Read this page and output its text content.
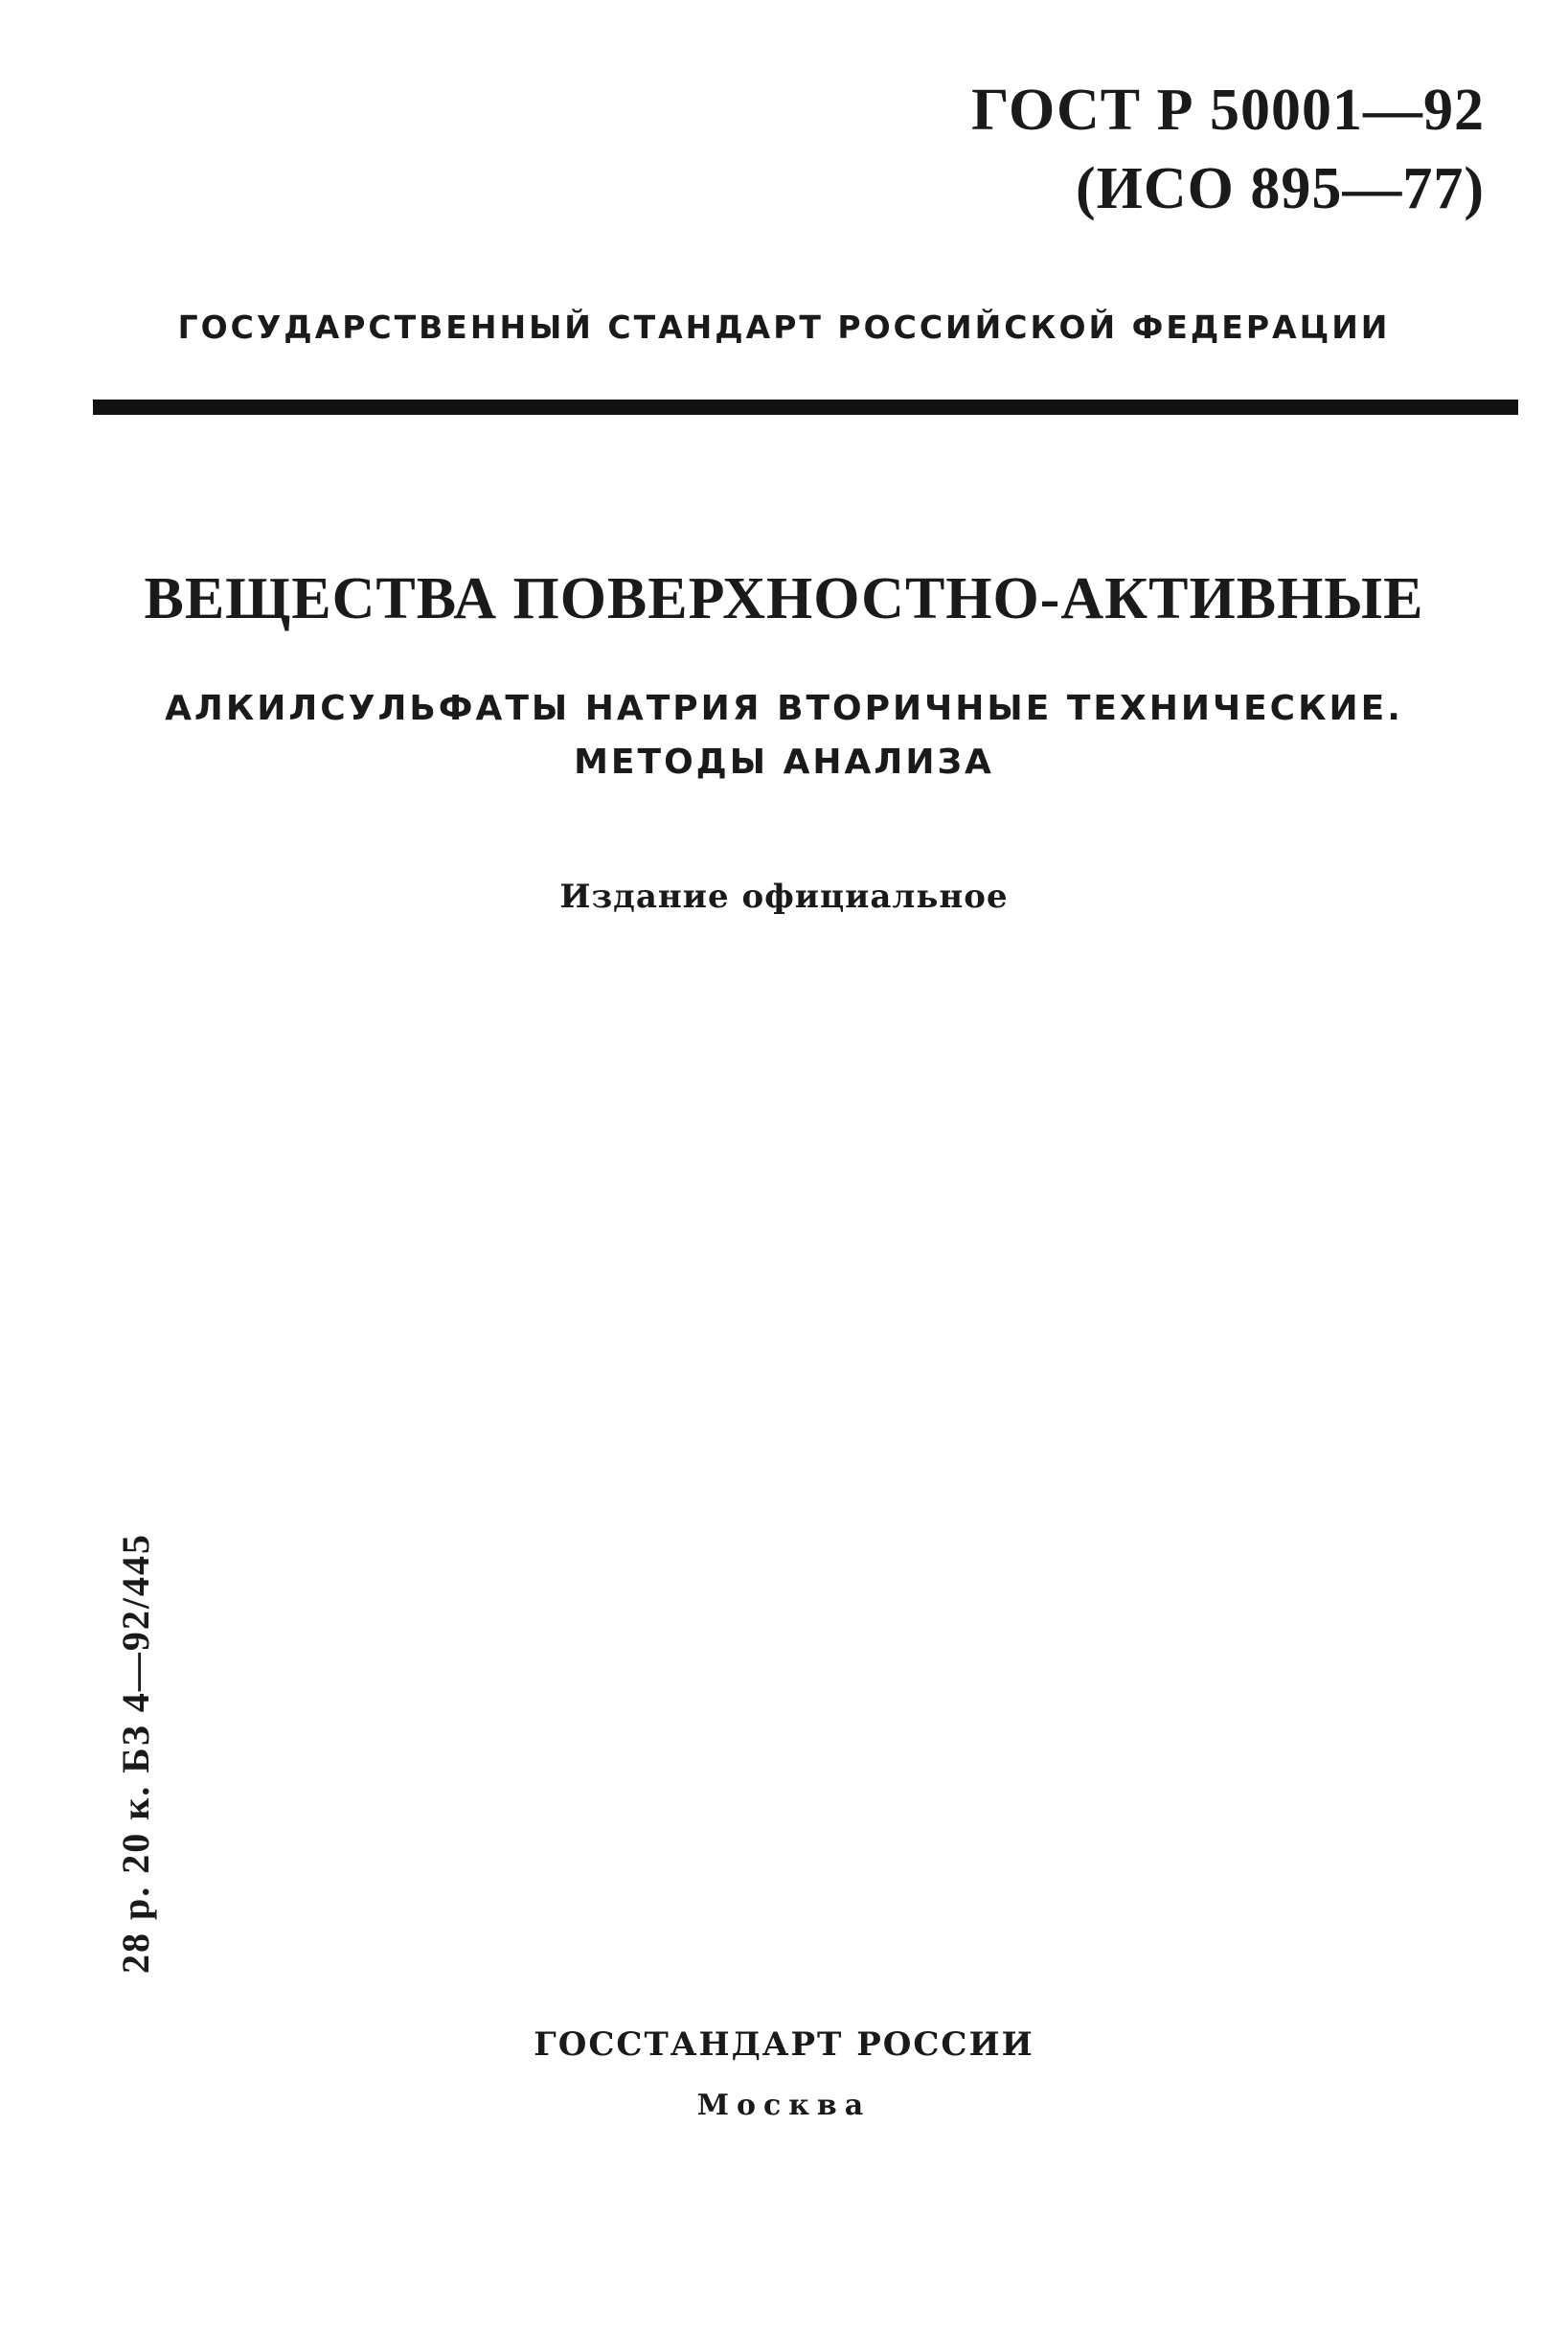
ГОСТ Р 50001—92
(ИСО 895—77)
ГОСУДАРСТВЕННЫЙ СТАНДАРТ РОССИЙСКОЙ ФЕДЕРАЦИИ
ВЕЩЕСТВА ПОВЕРХНОСТНО-АКТИВНЫЕ
АЛКИЛСУЛЬФАТЫ НАТРИЯ ВТОРИЧНЫЕ ТЕХНИЧЕСКИЕ.
МЕТОДЫ АНАЛИЗА
Издание официальное
28 р. 20 к. БЗ 4—92/445
ГОССТАНДАРТ РОССИИ
Москва
